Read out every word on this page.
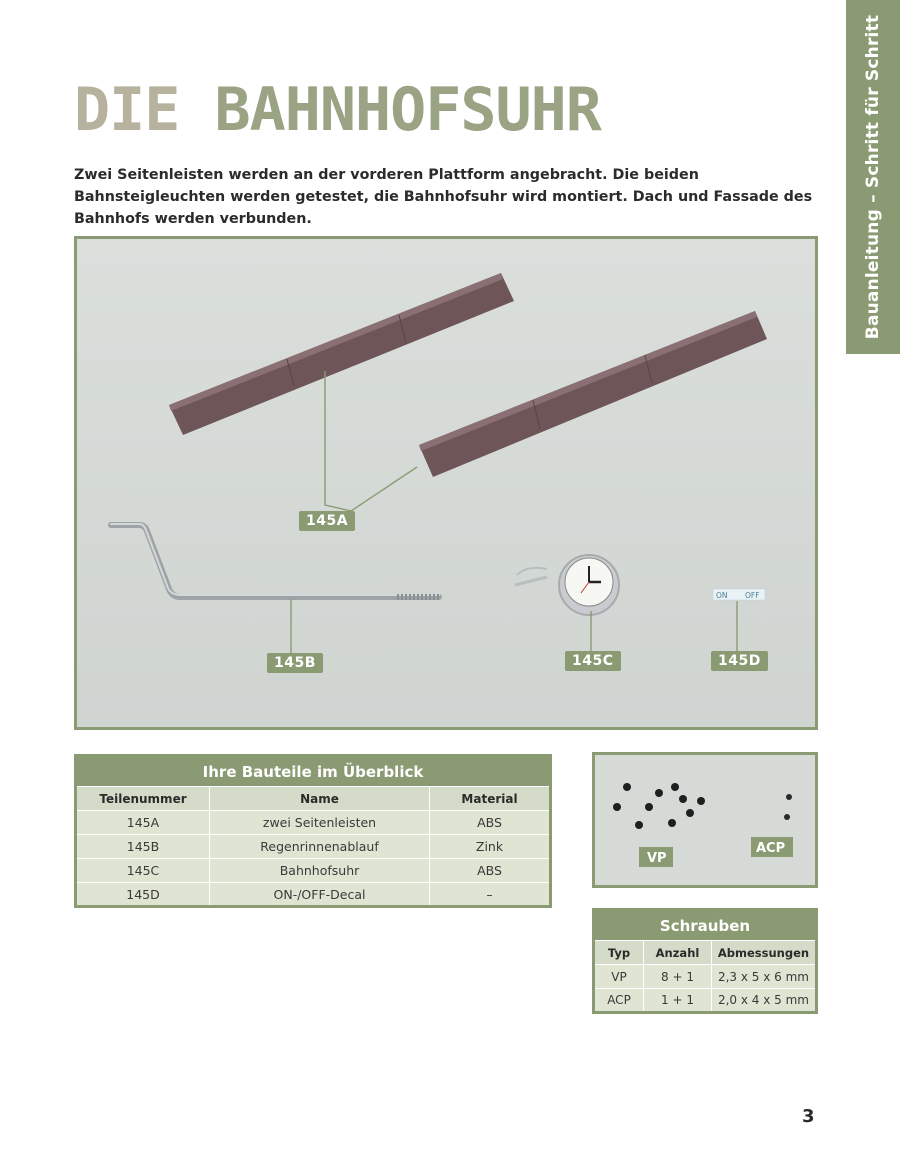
Bauanleitung – Schritt für Schritt
DIE BAHNHOFSUHR

Zwei Seitenleisten werden an der vorderen Plattform angebracht. Die beiden Bahnsteigleuchten werden getestet, die Bahnhofsuhr wird montiert. Dach und Fassade des Bahnhofs werden verbunden.

ON OFF
145A
145B	145C	145D
Ihre Bauteile im Überblick		
Teilenummer	Name	Material
145A	zwei Seitenleisten	ABS
145B	Regenrinnenablauf	Zink
145C	Bahnhofsuhr	ABS
145D	ON-/OFF-Decal	–
VP
ACP
Schrauben		
Typ	Anzahl	Abmessungen
VP	8 + 1	2,3 x 5 x 6 mm
ACP	1 + 1	2,0 x 4 x 5 mm
3
